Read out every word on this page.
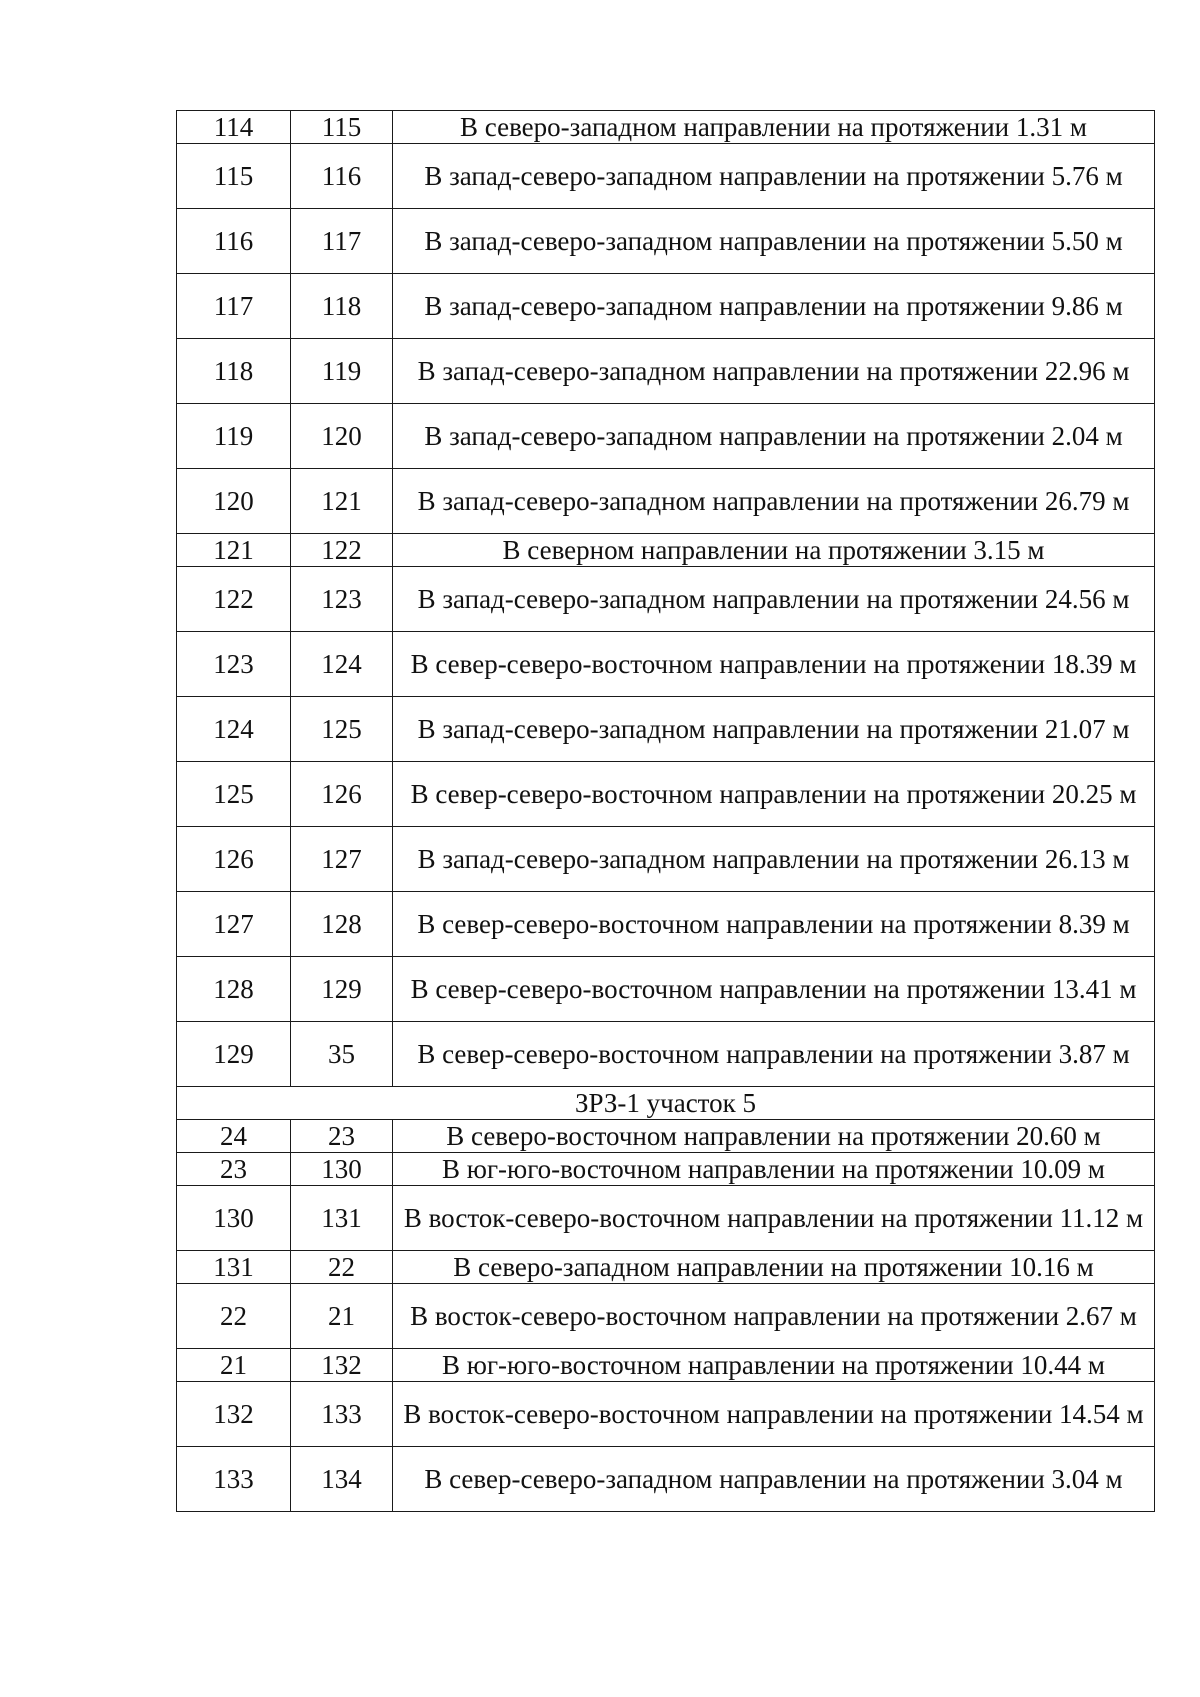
114	115	В северо-западном направлении на протяжении 1.31 м
115	116	В запад-северо-западном направлении на протяжении 5.76 м
116	117	В запад-северо-западном направлении на протяжении 5.50 м
117	118	В запад-северо-западном направлении на протяжении 9.86 м
118	119	В запад-северо-западном направлении на протяжении 22.96 м
119	120	В запад-северо-западном направлении на протяжении 2.04 м
120	121	В запад-северо-западном направлении на протяжении 26.79 м
121	122	В северном направлении на протяжении 3.15 м
122	123	В запад-северо-западном направлении на протяжении 24.56 м
123	124	В север-северо-восточном направлении на протяжении 18.39 м
124	125	В запад-северо-западном направлении на протяжении 21.07 м
125	126	В север-северо-восточном направлении на протяжении 20.25 м
126	127	В запад-северо-западном направлении на протяжении 26.13 м
127	128	В север-северо-восточном направлении на протяжении 8.39 м
128	129	В север-северо-восточном направлении на протяжении 13.41 м
129	35	В север-северо-восточном направлении на протяжении 3.87 м
ЗРЗ-1 участок 5		
24	23	В северо-восточном направлении на протяжении 20.60 м
23	130	В юг-юго-восточном направлении на протяжении 10.09 м
130	131	В восток-северо-восточном направлении на протяжении 11.12 м
131	22	В северо-западном направлении на протяжении 10.16 м
22	21	В восток-северо-восточном направлении на протяжении 2.67 м
21	132	В юг-юго-восточном направлении на протяжении 10.44 м
132	133	В восток-северо-восточном направлении на протяжении 14.54 м
133	134	В север-северо-западном направлении на протяжении 3.04 м
